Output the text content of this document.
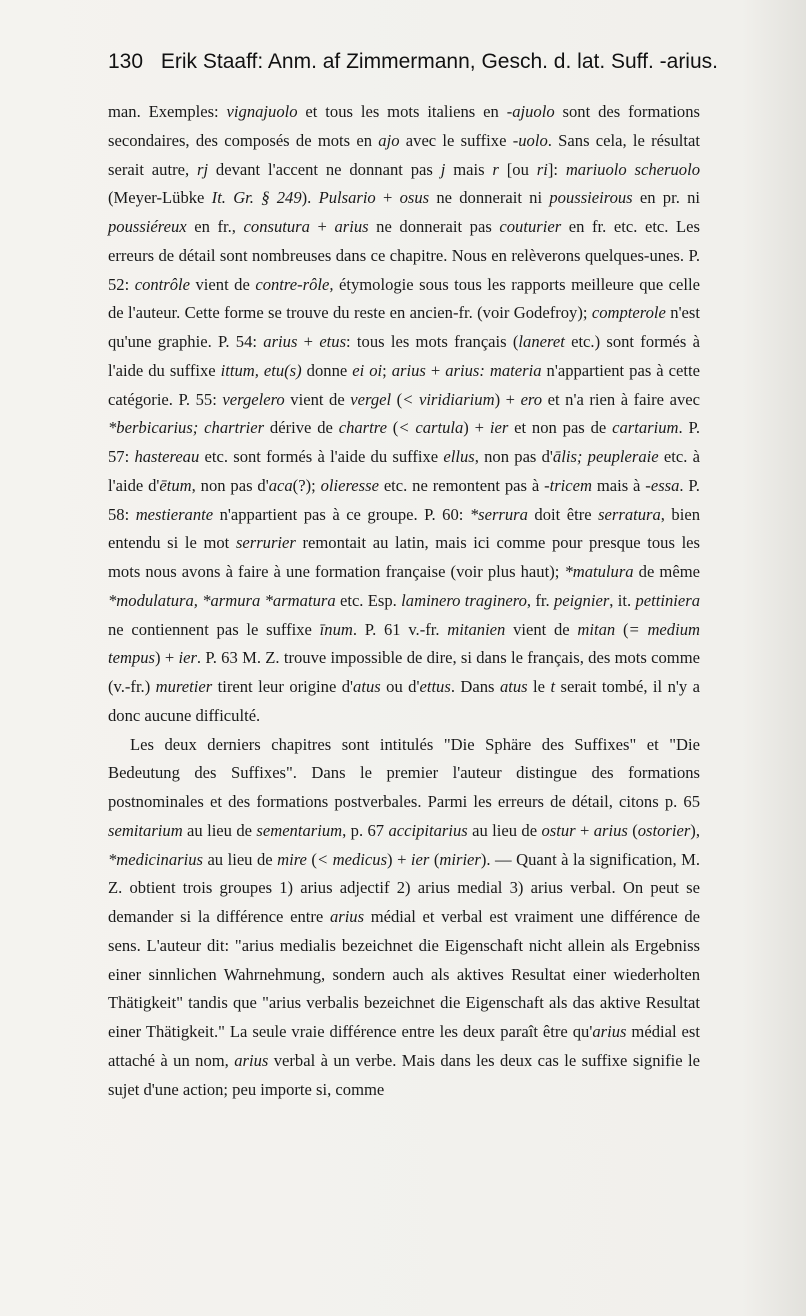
130 Erik Staaff: Anm. af Zimmermann, Gesch. d. lat. Suff. -arius.

man. Exemples: vignajuolo et tous les mots italiens en -ajuolo sont des formations secondaires, des composés de mots en ajo avec le suffixe -uolo. Sans cela, le résultat serait autre, rj devant l'accent ne donnant pas j mais r [ou ri]: mariuolo scheruolo (Meyer-Lübke It. Gr. § 249). Pulsario + osus ne donnerait ni poussieirous en pr. ni poussiéreux en fr., consutura + arius ne donnerait pas couturier en fr. etc. etc. Les erreurs de détail sont nombreuses dans ce chapitre. Nous en relèverons quelques-unes. P. 52: contrôle vient de contre-rôle, étymologie sous tous les rapports meilleure que celle de l'auteur. Cette forme se trouve du reste en ancien-fr. (voir Godefroy); compterole n'est qu'une graphie. P. 54: arius + etus: tous les mots français (laneret etc.) sont formés à l'aide du suffixe ittum, etu(s) donne ei oi; arius + arius: materia n'appartient pas à cette catégorie. P. 55: vergelero vient de vergel (< viridiarium) + ero et n'a rien à faire avec *berbicarius; chartrier dérive de chartre (< cartula) + ier et non pas de cartarium. P. 57: hastereau etc. sont formés à l'aide du suffixe ellus, non pas d'ālis; peupleraie etc. à l'aide d'ētum, non pas d'aca(?); olieresse etc. ne remontent pas à -tricem mais à -essa. P. 58: mestierante n'appartient pas à ce groupe. P. 60: *serrura doit être serratura, bien entendu si le mot serrurier remontait au latin, mais ici comme pour presque tous les mots nous avons à faire à une formation française (voir plus haut); *matulura de même *modulatura, *armura *armatura etc. Esp. laminero traginero, fr. peignier, it. pettiniera ne contiennent pas le suffixe īnum. P. 61 v.-fr. mitanien vient de mitan (= medium tempus) + ier. P. 63 M. Z. trouve impossible de dire, si dans le français, des mots comme (v.-fr.) muretier tirent leur origine d'atus ou d'ettus. Dans atus le t serait tombé, il n'y a donc aucune difficulté.

Les deux derniers chapitres sont intitulés "Die Sphäre des Suffixes" et "Die Bedeutung des Suffixes". Dans le premier l'auteur distingue des formations postnominales et des formations postverbales. Parmi les erreurs de détail, citons p. 65 semitarium au lieu de sementarium, p. 67 accipitarius au lieu de ostur + arius (ostorier), *medicinarius au lieu de mire (< medicus) + ier (mirier). — Quant à la signification, M. Z. obtient trois groupes 1) arius adjectif 2) arius medial 3) arius verbal. On peut se demander si la différence entre arius médial et verbal est vraiment une différence de sens. L'auteur dit: "arius medialis bezeichnet die Eigenschaft nicht allein als Ergebniss einer sinnlichen Wahrnehmung, sondern auch als aktives Resultat einer wiederholten Thätigkeit" tandis que "arius verbalis bezeichnet die Eigenschaft als das aktive Resultat einer Thätigkeit." La seule vraie différence entre les deux paraît être qu'arius médial est attaché à un nom, arius verbal à un verbe. Mais dans les deux cas le suffixe signifie le sujet d'une action; peu importe si, comme
